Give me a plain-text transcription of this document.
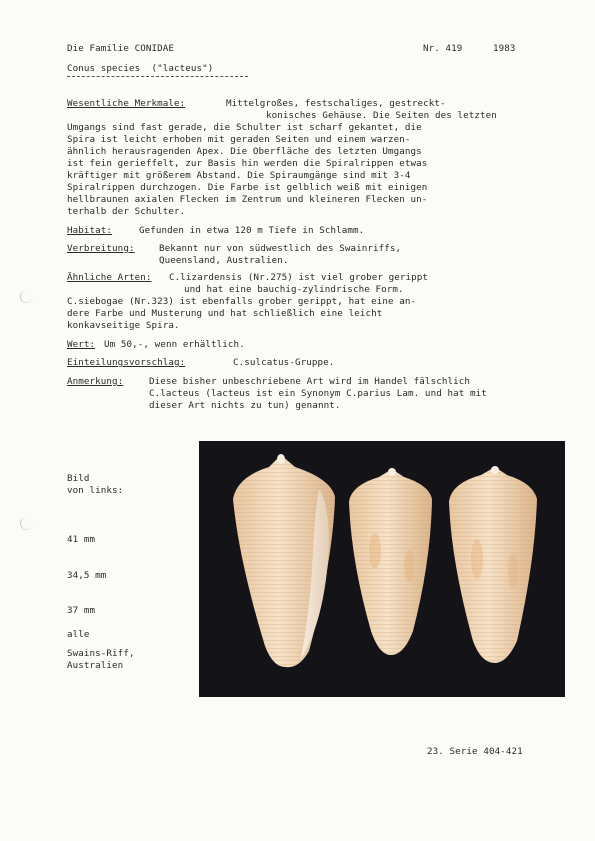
Die Familie CONIDAE	Nr. 419	1983
Conus species  ("lacteus")
Wesentliche Merkmale:	Mittelgroßes, festschaliges, gestreckt-
konisches Gehäuse. Die Seiten des letzten
Umgangs sind fast gerade, die Schulter ist scharf gekantet, die
Spira ist leicht erhoben mit geraden Seiten und einem warzen-
ähnlich herausragenden Apex. Die Oberfläche des letzten Umgangs
ist fein gerieffelt, zur Basis hin werden die Spiralrippen etwas
kräftiger mit größerem Abstand. Die Spiraumgänge sind mit 3-4
Spiralrippen durchzogen. Die Farbe ist gelblich weiß mit einigen
hellbraunen axialen Flecken im Zentrum und kleineren Flecken un-
terhalb der Schulter.
Habitat:	Gefunden in etwa 120 m Tiefe in Schlamm.
Verbreitung:	Bekannt nur von südwestlich des Swainriffs,
Queensland, Australien.
Ähnliche Arten: C.lizardensis (Nr.275) ist viel grober gerippt
und hat eine bauchig-zylindrische Form.
C.siebogae (Nr.323) ist ebenfalls grober gerippt, hat eine an-
dere Farbe und Musterung und hat schließlich eine leicht
konkavseitige Spira.
Wert: Um 50,-, wenn erhältlich.
Einteilungsvorschlag:	C.sulcatus-Gruppe.
Anmerkung:	Diese bisher unbeschriebene Art wird im Handel fälschlich
C.lacteus (lacteus ist ein Synonym C.parius Lam. und hat mit
dieser Art nichts zu tun) genannt.
Bild
von links:
41 mm
34,5 mm
37 mm
alle
Swains-Riff,
Australien
23. Serie 404-421
